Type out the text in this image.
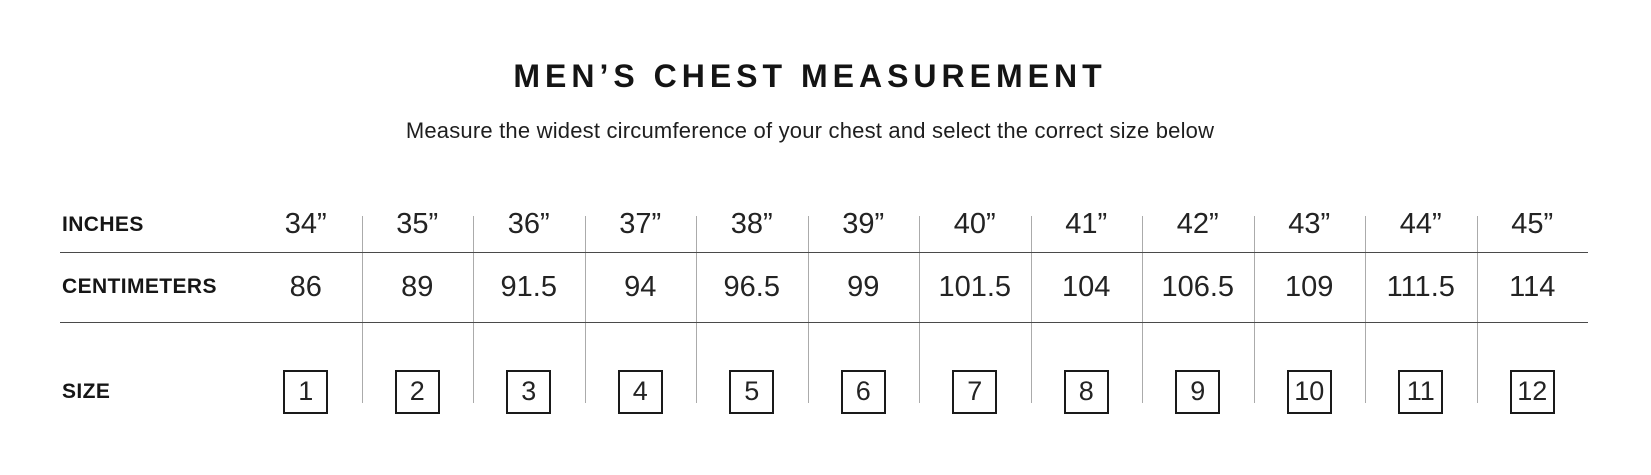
MEN’S CHEST MEASUREMENT
Measure the widest circumference of your chest and select the correct size below
INCHES	34”	35”	36”	37”	38”	39”	40”	41”	42”	43”	44”	45”
CENTIMETERS	86	89	91.5	94	96.5	99	101.5	104	106.5	109	111.5	114
SIZE	1	2	3	4	5	6	7	8	9	10	11	12
